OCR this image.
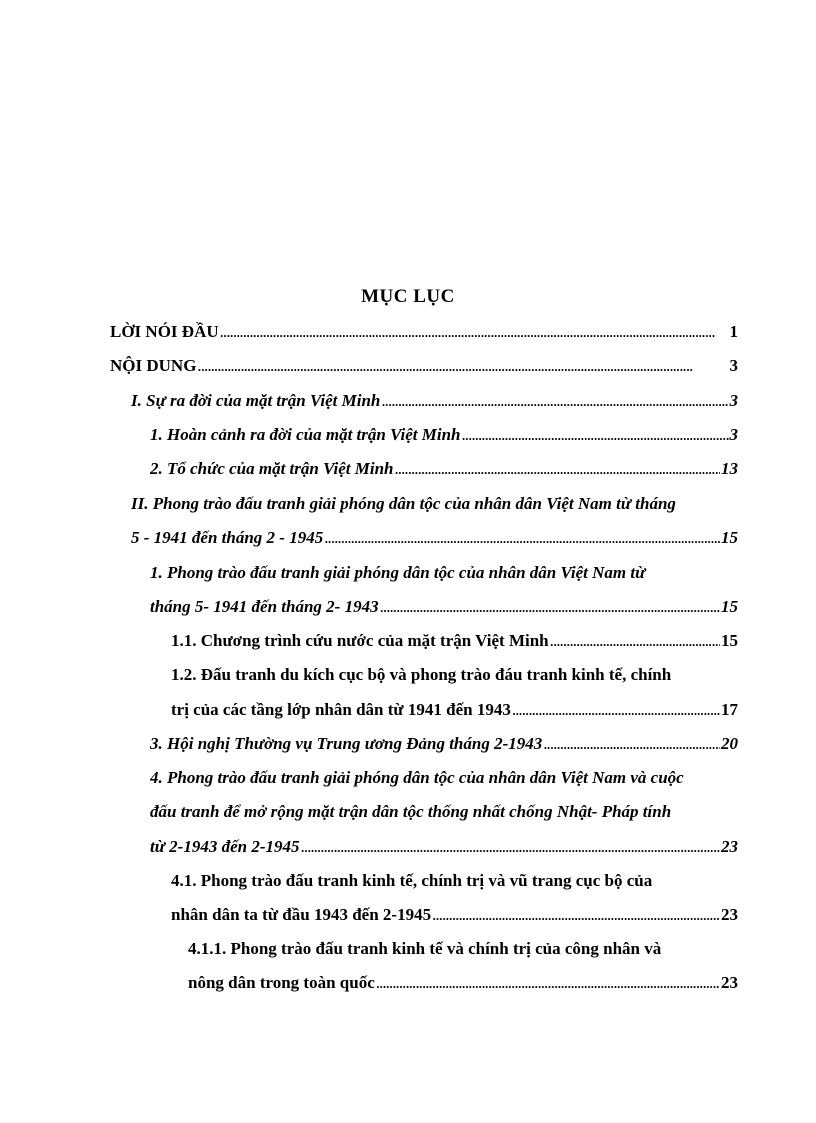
MỤC LỤC
LỜI NÓI ĐẦU . . .	1
NỘI DUNG . . .	3
I. Sự ra đời của mặt trận Việt Minh . . .	3
1. Hoàn cảnh ra đời của mặt trận Việt Minh . . .	3
2. Tổ chức của mặt trận Việt Minh . . .	13
II. Phong trào đấu tranh giải phóng dân tộc của nhân dân Việt Nam từ tháng
5 - 1941 đến tháng 2 - 1945 . . .	15
1. Phong trào đấu tranh giải phóng dân tộc của nhân dân Việt Nam từ
tháng 5- 1941 đến tháng 2- 1943 . . .	15
1.1. Chương trình cứu nước của mặt trận Việt Minh . . .	15
1.2. Đấu tranh du kích cục bộ và phong trào đáu tranh kinh tế, chính
trị của các tầng lớp nhân dân từ 1941 đến 1943 . . .	17
3. Hội nghị Thường vụ Trung ương Đảng tháng 2-1943 . . .	20
4. Phong trào đấu tranh giải phóng dân tộc của nhân dân Việt Nam và cuộc
đấu tranh để mở rộng mặt trận dân tộc thống nhất chống Nhật- Pháp tính
từ 2-1943 đến 2-1945 . . .	23
4.1. Phong trào đấu tranh kinh tế, chính trị và vũ trang cục bộ của
nhân dân ta từ đầu 1943 đến 2-1945 . . .	23
4.1.1. Phong trào đấu tranh kinh tế và chính trị của công nhân và
nông dân trong toàn quốc . . .	23
